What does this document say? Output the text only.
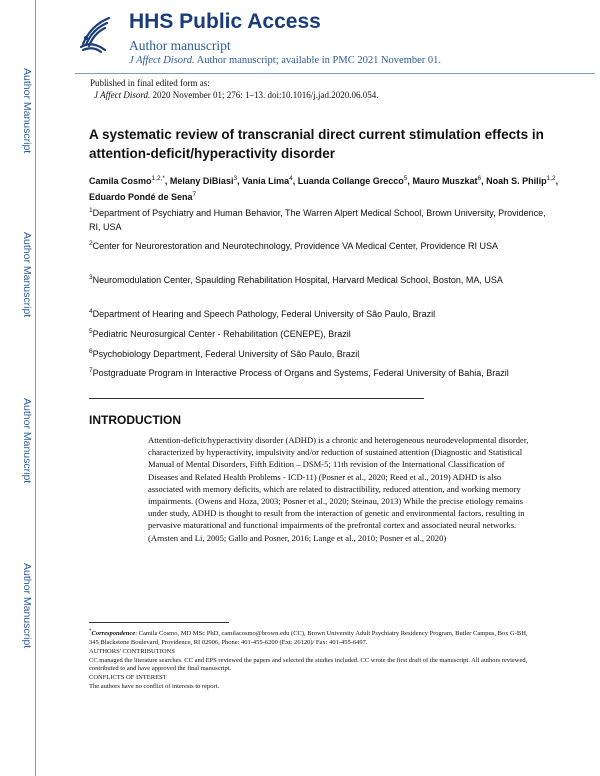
Author Manuscript
Author Manuscript
Author Manuscript
Author Manuscript
HHS Public Access
Author manuscript
J Affect Disord. Author manuscript; available in PMC 2021 November 01.
Published in final edited form as:
J Affect Disord. 2020 November 01; 276: 1–13. doi:10.1016/j.jad.2020.06.054.
A systematic review of transcranial direct current stimulation effects in attention-deficit/hyperactivity disorder
Camila Cosmo$^{1,2,*}$, Melany DiBiasi$^3$, Vania Lima$^4$, Luanda Collange Grecco$^5$, Mauro Muszkat$^6$, Noah S. Philip$^{1,2}$, Eduardo Pondé de Sena$^7$
$^1$Department of Psychiatry and Human Behavior, The Warren Alpert Medical School, Brown University, Providence, RI, USA
$^2$Center for Neurorestoration and Neurotechnology, Providence VA Medical Center, Providence RI USA
$^3$Neuromodulation Center, Spaulding Rehabilitation Hospital, Harvard Medical School, Boston, MA, USA
$^4$Department of Hearing and Speech Pathology, Federal University of São Paulo, Brazil
$^5$Pediatric Neurosurgical Center - Rehabilitation (CENEPE), Brazil
$^6$Psychobiology Department, Federal University of São Paulo, Brazil
$^7$Postgraduate Program in Interactive Process of Organs and Systems, Federal University of Bahia, Brazil
INTRODUCTION
Attention-deficit/hyperactivity disorder (ADHD) is a chronic and heterogeneous neurodevelopmental disorder, characterized by hyperactivity, impulsivity and/or reduction of sustained attention (Diagnostic and Statistical Manual of Mental Disorders, Fifth Edition – DSM-5; 11th revision of the International Classification of Diseases and Related Health Problems - ICD-11) (Posner et al., 2020; Reed et al., 2019) ADHD is also associated with memory deficits, which are related to distractibility, reduced attention, and working memory impairments. (Owens and Hoza, 2003; Posner et al., 2020; Steinau, 2013) While the precise etiology remains under study, ADHD is thought to result from the interaction of genetic and environmental factors, resulting in pervasive maturational and functional impairments of the prefrontal cortex and associated neural networks.(Arnsten and Li, 2005; Gallo and Posner, 2016; Lange et al., 2010; Posner et al., 2020)
*Correspondence: Camila Cosmo, MD MSc PhD, camilacosmo@brown.edu (CC), Brown University Adult Psychiatry Residency Program, Butler Campus, Box G-BH, 345 Blackstone Boulevard, Providence, RI 02906, Phone: 401-455-6200 (Ext: 26120)/ Fax: 401-455-6497.
AUTHORS' CONTRIBUTIONS
CC managed the literature searches. CC and EPS reviewed the papers and selected the studies included. CC wrote the first draft of the manuscript. All authors reviewed, contributed to and have approved the final manuscript.
CONFLICTS OF INTEREST
The authors have no conflict of interests to report.
